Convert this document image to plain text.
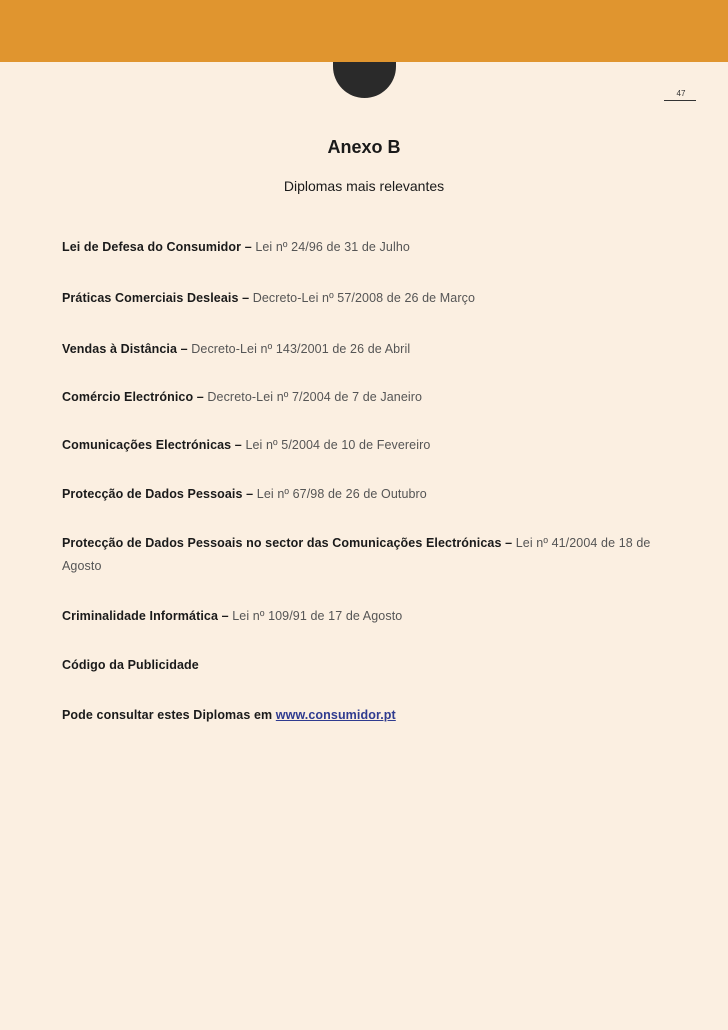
47
Anexo B
Diplomas mais relevantes
Lei de Defesa do Consumidor – Lei nº 24/96 de 31 de Julho
Práticas Comerciais Desleais – Decreto-Lei nº 57/2008 de 26 de Março
Vendas à Distância – Decreto-Lei nº 143/2001 de 26 de Abril
Comércio Electrónico – Decreto-Lei nº 7/2004 de 7 de Janeiro
Comunicações Electrónicas – Lei nº 5/2004 de 10 de Fevereiro
Protecção de Dados Pessoais – Lei nº 67/98 de 26 de Outubro
Protecção de Dados Pessoais no sector das Comunicações Electrónicas – Lei nº 41/2004 de 18 de Agosto
Criminalidade Informática – Lei nº 109/91 de 17 de Agosto
Código da Publicidade
Pode consultar estes Diplomas em www.consumidor.pt
